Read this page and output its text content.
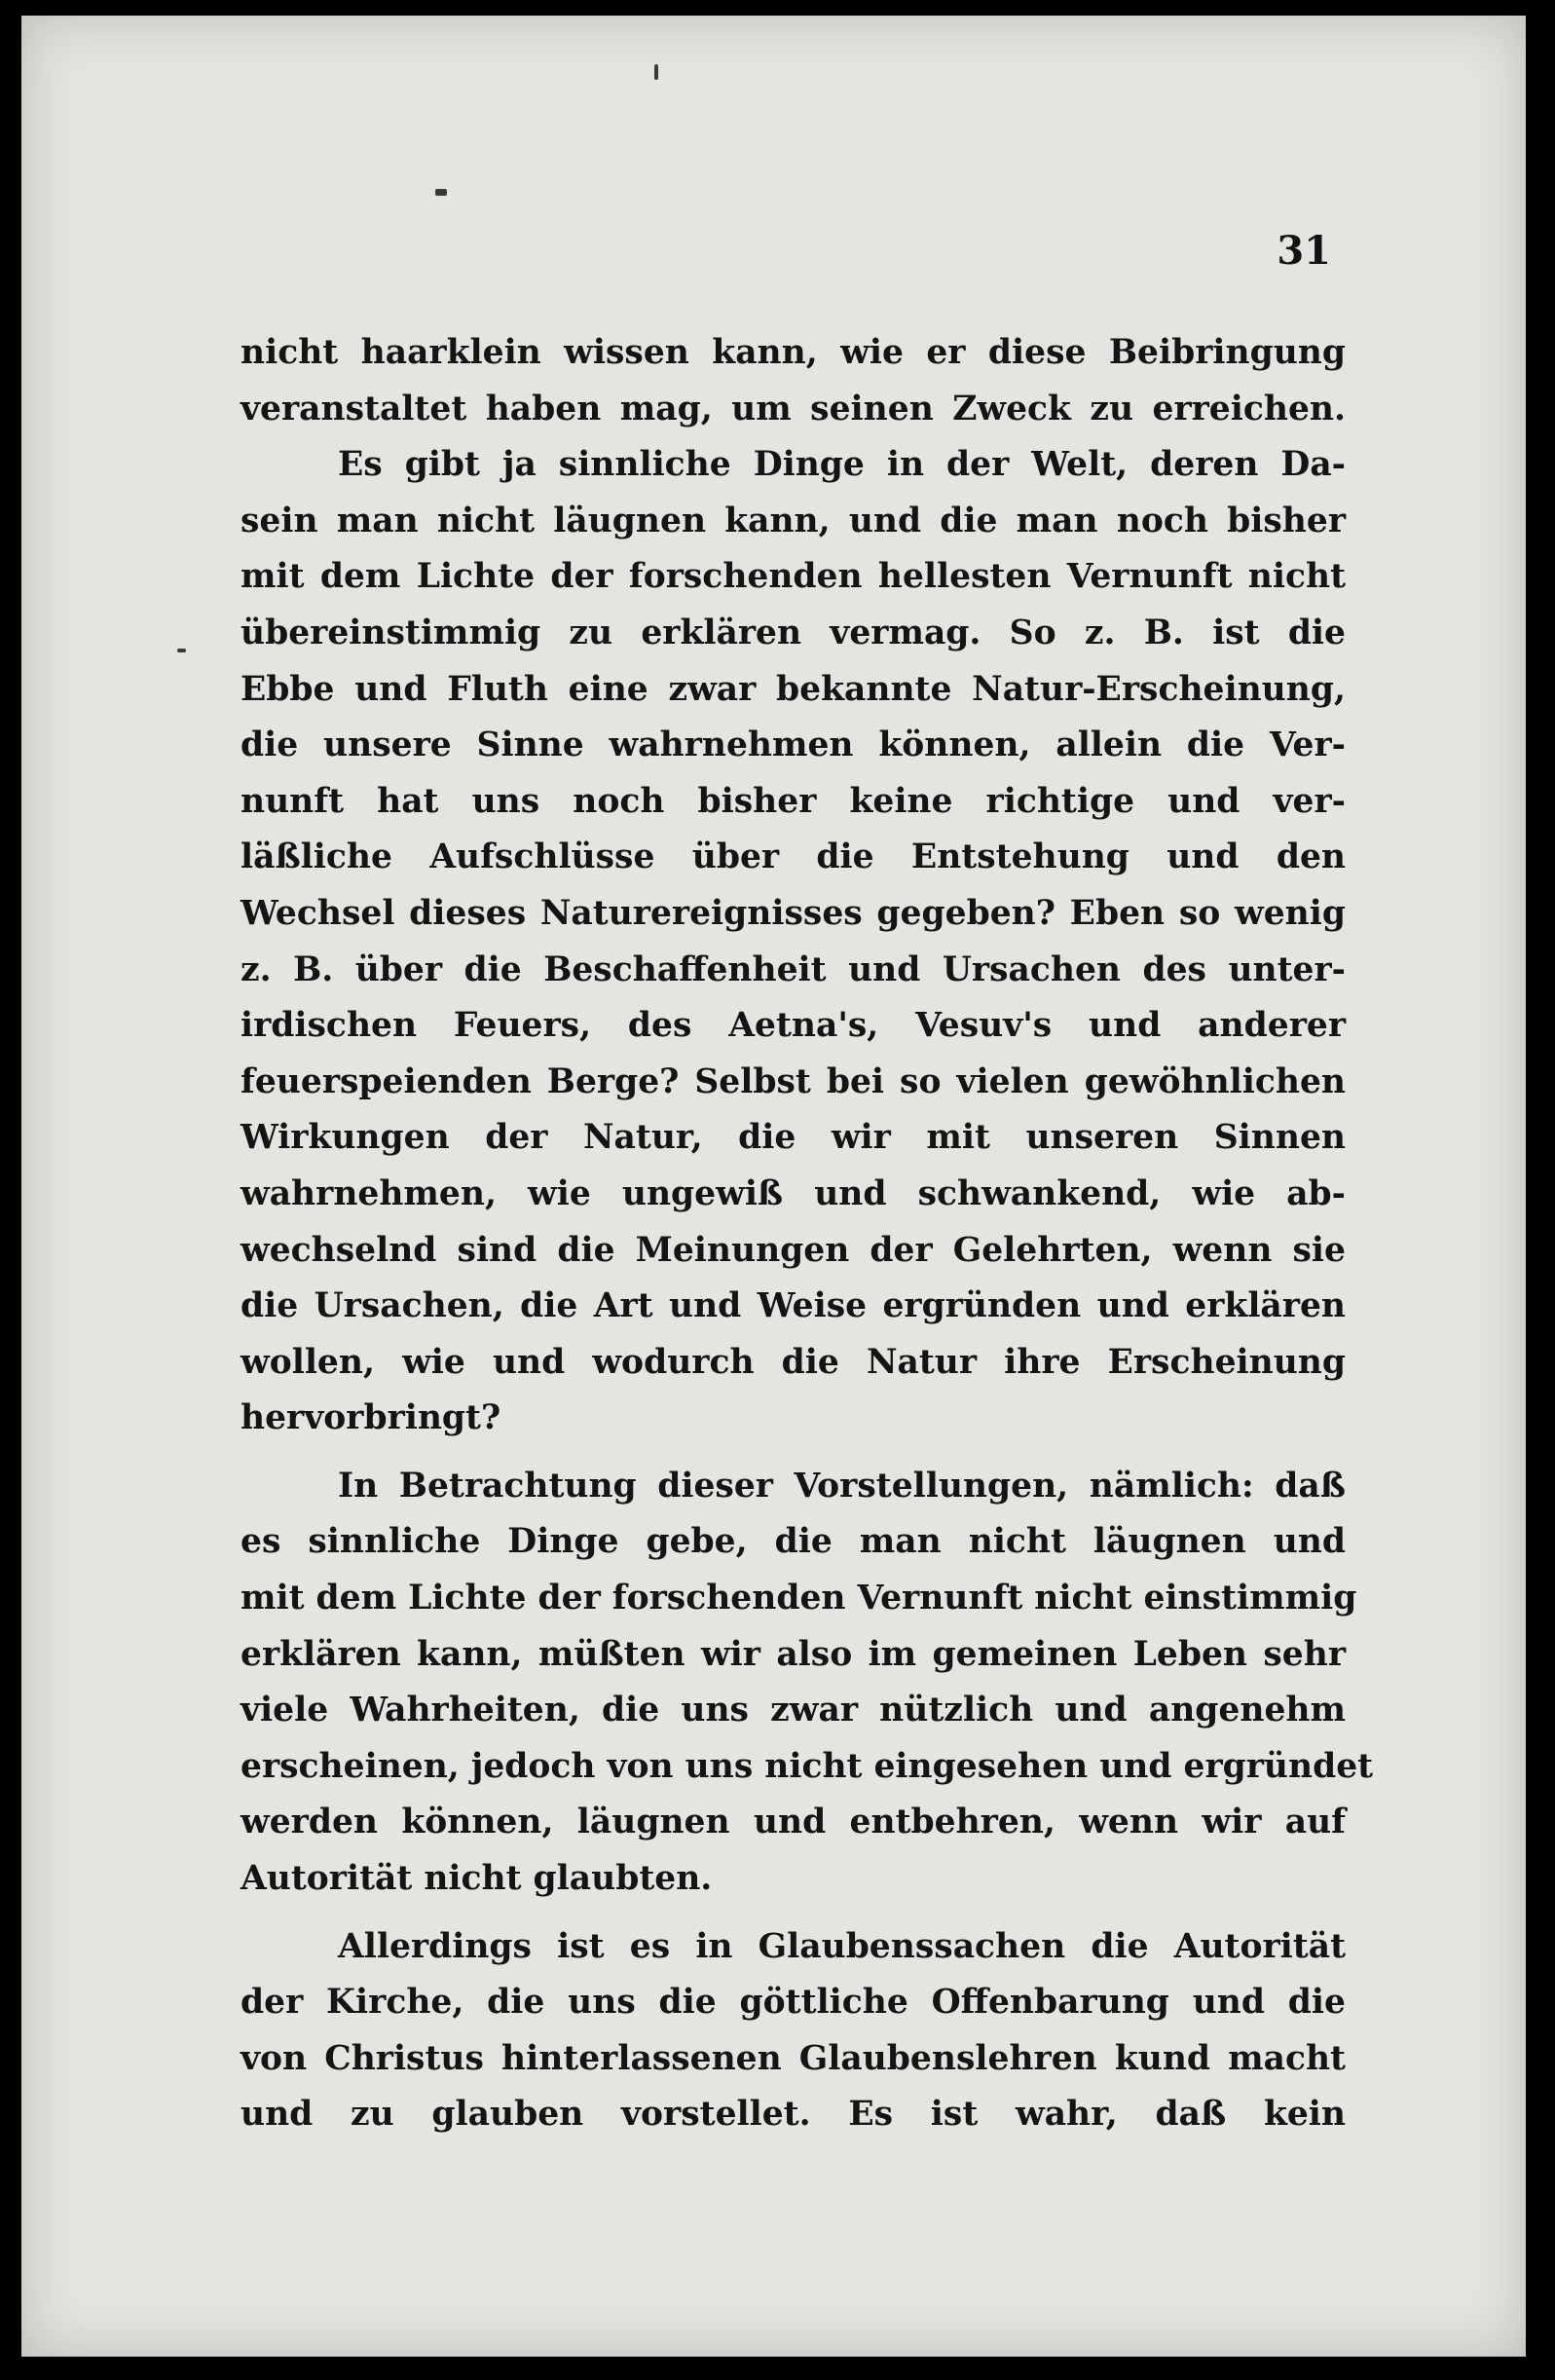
31
nicht haarklein wissen kann, wie er diese Beibringung
veranstaltet haben mag, um seinen Zweck zu erreichen.
Es gibt ja sinnliche Dinge in der Welt, deren Da-
sein man nicht läugnen kann, und die man noch bisher
mit dem Lichte der forschenden hellesten Vernunft nicht
übereinstimmig zu erklären vermag. So z. B. ist die
Ebbe und Fluth eine zwar bekannte Natur-Erscheinung,
die unsere Sinne wahrnehmen können, allein die Ver-
nunft hat uns noch bisher keine richtige und ver-
läßliche Aufschlüsse über die Entstehung und den
Wechsel dieses Naturereignisses gegeben? Eben so wenig
z. B. über die Beschaffenheit und Ursachen des unter-
irdischen Feuers, des Aetna's, Vesuv's und anderer
feuerspeienden Berge? Selbst bei so vielen gewöhnlichen
Wirkungen der Natur, die wir mit unseren Sinnen
wahrnehmen, wie ungewiß und schwankend, wie ab-
wechselnd sind die Meinungen der Gelehrten, wenn sie
die Ursachen, die Art und Weise ergründen und erklären
wollen, wie und wodurch die Natur ihre Erscheinung
hervorbringt?
In Betrachtung dieser Vorstellungen, nämlich: daß
es sinnliche Dinge gebe, die man nicht läugnen und
mit dem Lichte der forschenden Vernunft nicht einstimmig
erklären kann, müßten wir also im gemeinen Leben sehr
viele Wahrheiten, die uns zwar nützlich und angenehm
erscheinen, jedoch von uns nicht eingesehen und ergründet
werden können, läugnen und entbehren, wenn wir auf
Autorität nicht glaubten.
Allerdings ist es in Glaubenssachen die Autorität
der Kirche, die uns die göttliche Offenbarung und die
von Christus hinterlassenen Glaubenslehren kund macht
und zu glauben vorstellet. Es ist wahr, daß kein
